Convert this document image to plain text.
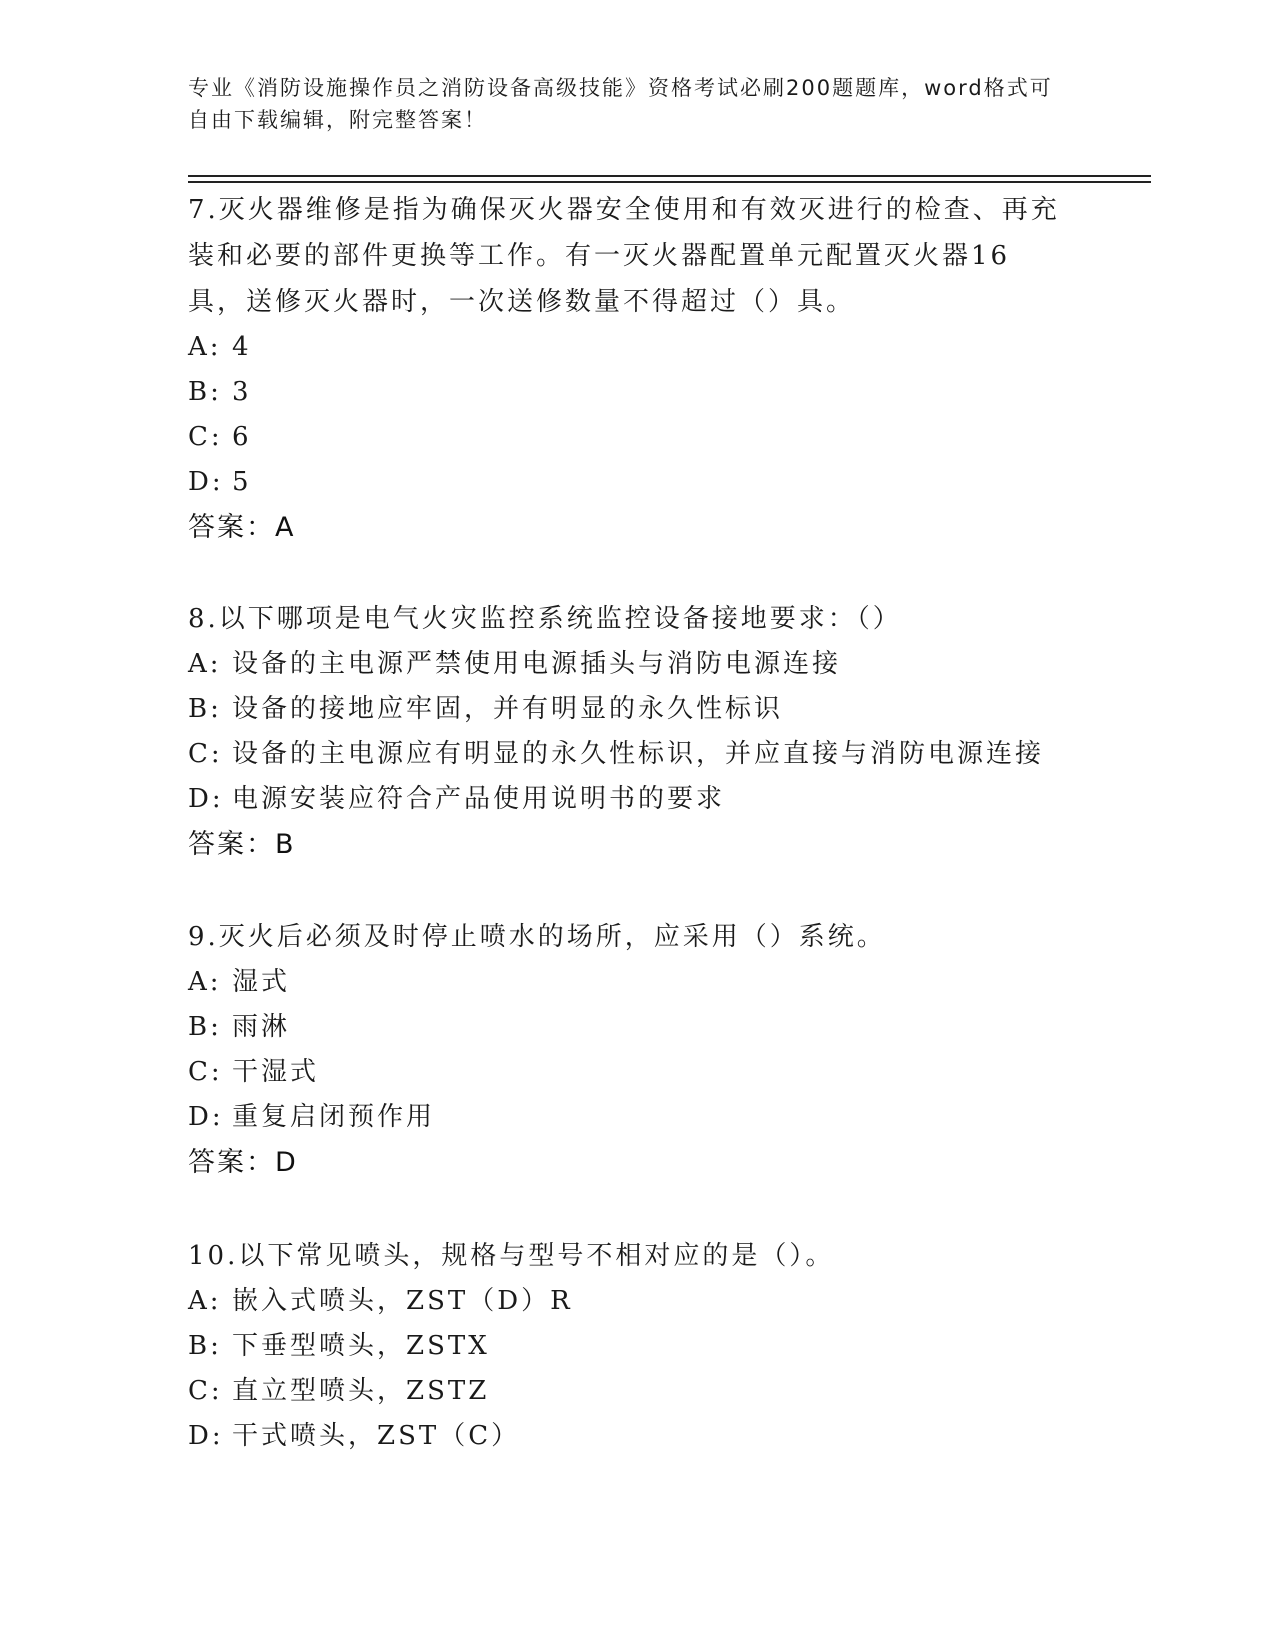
专业《消防设施操作员之消防设备高级技能》资格考试必刷200题题库，word格式可自由下载编辑，附完整答案！

7.灭火器维修是指为确保灭火器安全使用和有效灭进行的检查、再充装和必要的部件更换等工作。有一灭火器配置单元配置灭火器16具，送修灭火器时，一次送修数量不得超过（）具。

A: 4
B: 3
C: 6
D: 5
答案：A

8.以下哪项是电气火灾监控系统监控设备接地要求：（）

A: 设备的主电源严禁使用电源插头与消防电源连接
B: 设备的接地应牢固，并有明显的永久性标识
C: 设备的主电源应有明显的永久性标识，并应直接与消防电源连接
D: 电源安装应符合产品使用说明书的要求
答案：B

9.灭火后必须及时停止喷水的场所，应采用（）系统。

A: 湿式
B: 雨淋
C: 干湿式
D: 重复启闭预作用
答案：D

10.以下常见喷头，规格与型号不相对应的是（）。

A: 嵌入式喷头，ZST（D）R
B: 下垂型喷头，ZSTX
C: 直立型喷头，ZSTZ
D: 干式喷头，ZST（C）
